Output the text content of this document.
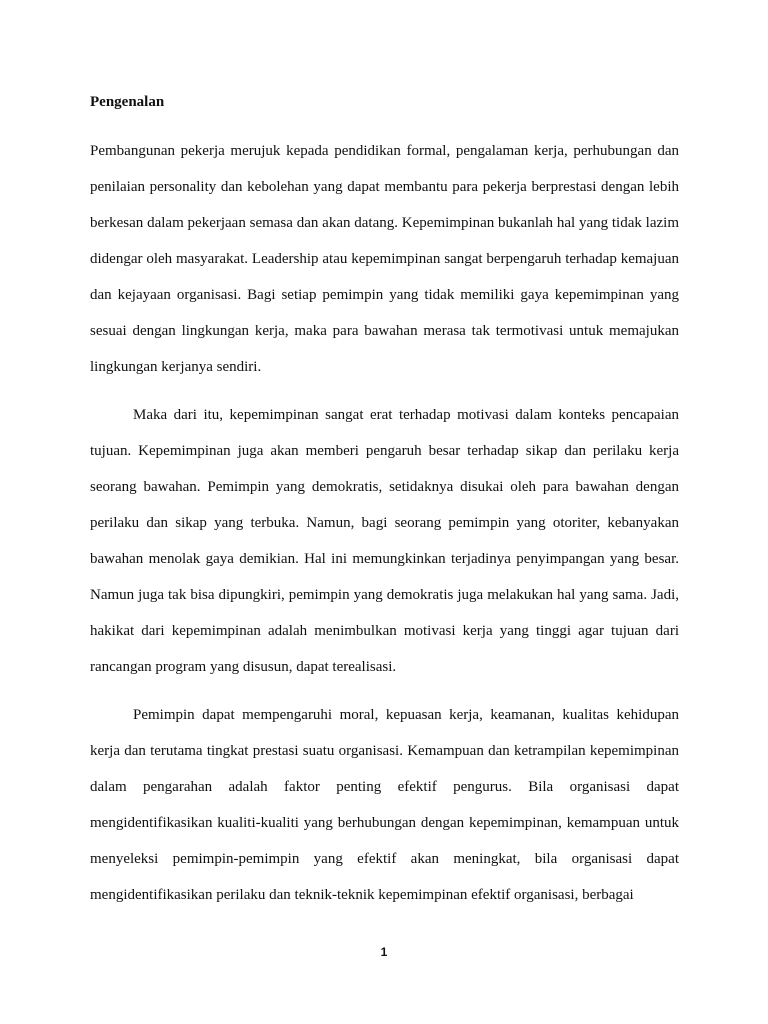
Pengenalan

Pembangunan pekerja merujuk kepada pendidikan formal, pengalaman kerja, perhubungan dan penilaian personality dan kebolehan yang dapat membantu para pekerja berprestasi dengan lebih berkesan dalam pekerjaan semasa dan akan datang. Kepemimpinan bukanlah hal yang tidak lazim didengar oleh masyarakat. Leadership atau kepemimpinan sangat berpengaruh terhadap kemajuan dan kejayaan organisasi. Bagi setiap pemimpin yang tidak memiliki gaya kepemimpinan yang sesuai dengan lingkungan kerja, maka para bawahan merasa tak termotivasi untuk memajukan lingkungan kerjanya sendiri.

Maka dari itu, kepemimpinan sangat erat terhadap motivasi dalam konteks pencapaian tujuan. Kepemimpinan juga akan memberi pengaruh besar terhadap sikap dan perilaku kerja seorang bawahan. Pemimpin yang demokratis, setidaknya disukai oleh para bawahan dengan perilaku dan sikap yang terbuka. Namun, bagi seorang pemimpin yang otoriter, kebanyakan bawahan menolak gaya demikian. Hal ini memungkinkan terjadinya penyimpangan yang besar. Namun juga tak bisa dipungkiri, pemimpin yang demokratis juga melakukan hal yang sama. Jadi, hakikat dari kepemimpinan adalah menimbulkan motivasi kerja yang tinggi agar tujuan dari rancangan program yang disusun, dapat terealisasi.

Pemimpin dapat mempengaruhi moral, kepuasan kerja, keamanan, kualitas kehidupan kerja dan terutama tingkat prestasi suatu organisasi. Kemampuan dan ketrampilan kepemimpinan dalam pengarahan adalah faktor penting efektif pengurus. Bila organisasi dapat mengidentifikasikan kualiti-kualiti yang berhubungan dengan kepemimpinan, kemampuan untuk menyeleksi pemimpin-pemimpin yang efektif akan meningkat, bila organisasi dapat mengidentifikasikan perilaku dan teknik-teknik kepemimpinan efektif organisasi, berbagai

1
